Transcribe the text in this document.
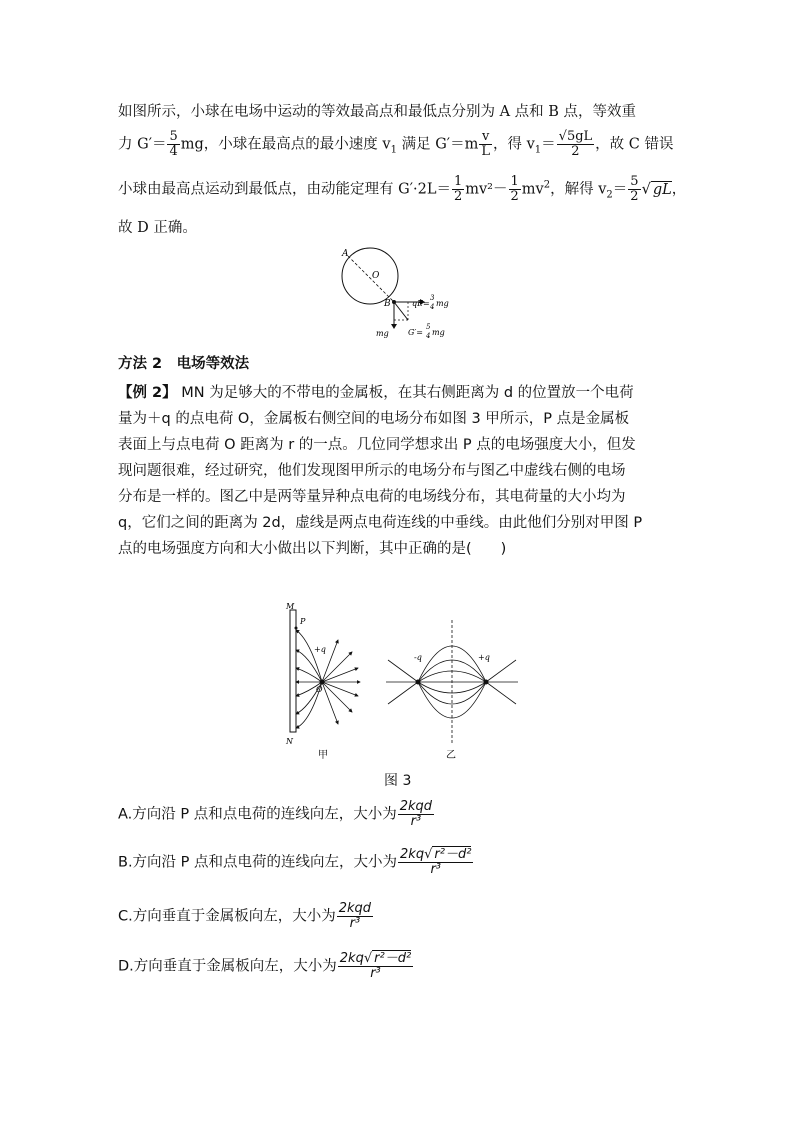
如图所示，小球在电场中运动的等效最高点和最低点分别为 A 点和 B 点，等效重
力 $G'= \frac{5}{4}$ mg，小球在最高点的最小速度 $v_1$ 满足 $G'=m \frac{v}{L}$ ，得 $v_1= \frac{√5gL}{2}$ ，故 C 错误
小球由最高点运动到最低点，由动能定理有 $G'\cdot 2L= \frac{1}{2} mv^2- \frac{1}{2} mv^2$，解得 $v_2= \frac{5}{2}$ √ gL，
故 D 正确。
A
O
B	qE=
3
4 mg
mg G′=
5
4 mg
方法 2　电场等效法
【例 2】 MN 为足够大的不带电的金属板，在其右侧距离为 d 的位置放一个电荷
量为＋q 的点电荷 O，金属板右侧空间的电场分布如图 3 甲所示，P 点是金属板
表面上与点电荷 O 距离为 r 的一点。几位同学想求出 P 点的电场强度大小，但发
现问题很难，经过研究，他们发现图甲所示的电场分布与图乙中虚线右侧的电场
分布是一样的。图乙中是两等量异种点电荷的电场线分布，其电荷量的大小均为
q，它们之间的距离为 2d，虚线是两点电荷连线的中垂线。由此他们分别对甲图 P
点的电场强度方向和大小做出以下判断，其中正确的是(　　)
M
N
P
+q
O
甲
-q	+q
乙
图 3
A.方向沿 P 点和点电荷的连线向左，大小为 $\frac{\text{2kqd}}{\text{r³}}$
B.方向沿 P 点和点电荷的连线向左，大小为 $\frac{\text{2kq√ r²－d²}}{\text{r³}}$
C.方向垂直于金属板向左，大小为 $\frac{\text{2kqd}}{\text{r³}}$
D.方向垂直于金属板向左，大小为 $\frac{\text{2kq√ r²－d²}}{\text{r³}}$
